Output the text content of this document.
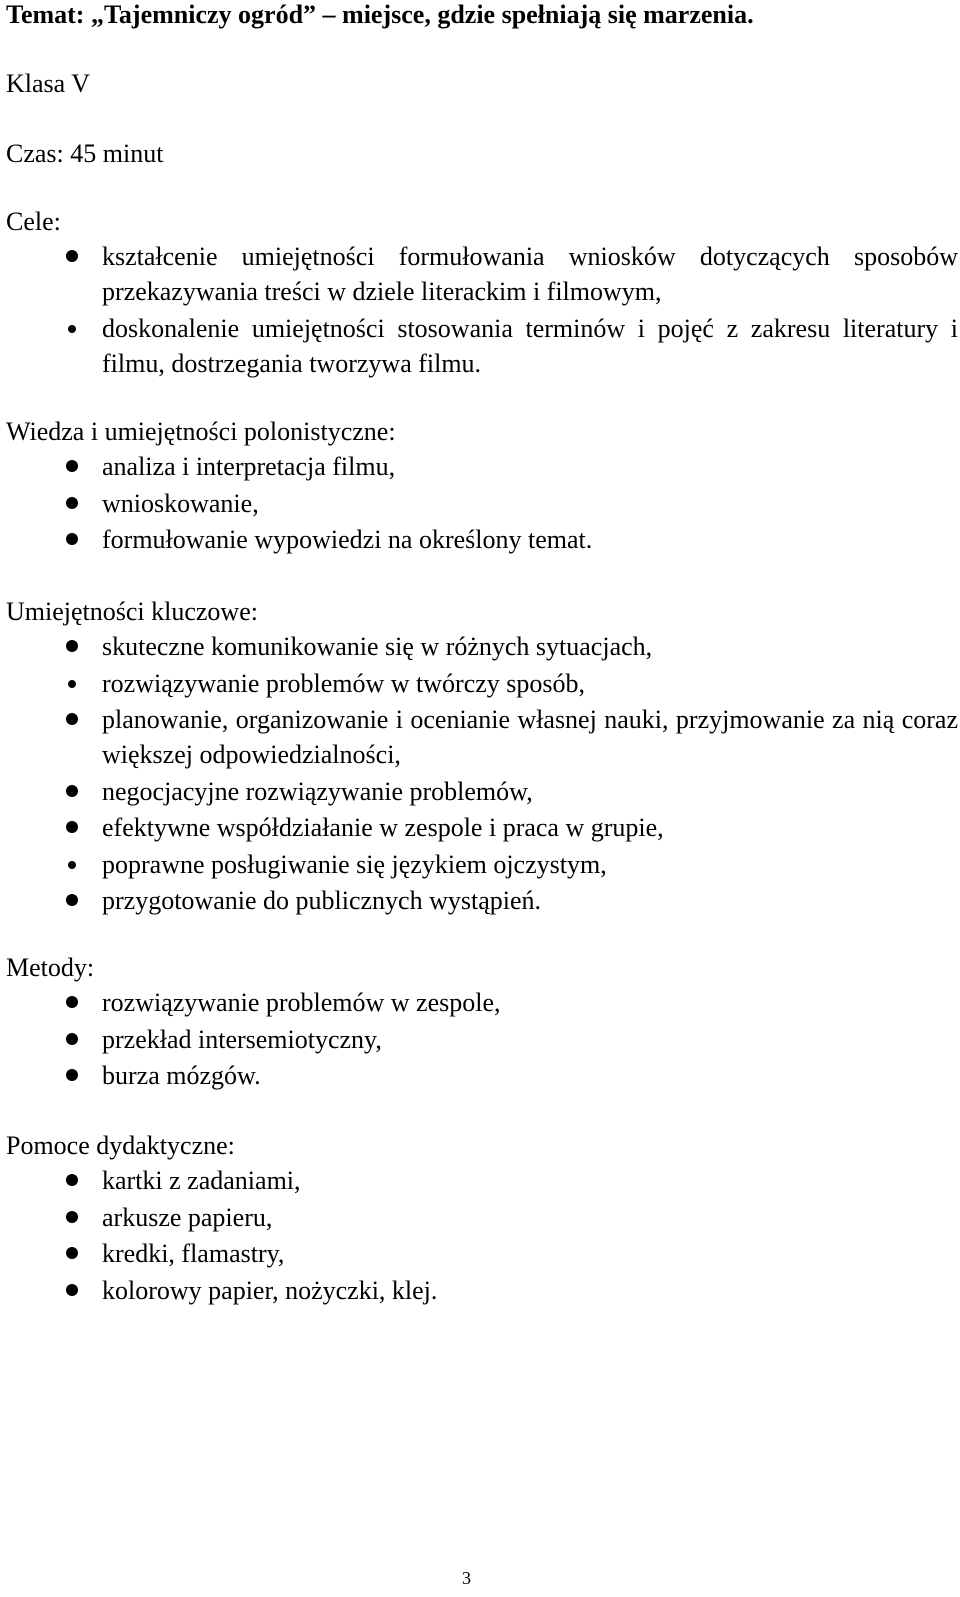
Temat: „Tajemniczy ogród” – miejsce, gdzie spełniają się marzenia.

Klasa V

Czas: 45 minut

Cele:

kształcenie umiejętności formułowania wniosków dotyczących sposobów przekazywania treści w dziele literackim i filmowym,
doskonalenie umiejętności stosowania terminów i pojęć z zakresu literatury i filmu, dostrzegania tworzywa filmu.

Wiedza i umiejętności polonistyczne:

analiza i interpretacja filmu,
wnioskowanie,
formułowanie wypowiedzi na określony temat.

Umiejętności kluczowe:

skuteczne komunikowanie się w różnych sytuacjach,
rozwiązywanie problemów w twórczy sposób,
planowanie, organizowanie i ocenianie własnej nauki, przyjmowanie za nią coraz większej odpowiedzialności,
negocjacyjne rozwiązywanie problemów,
efektywne współdziałanie w zespole i praca w grupie,
poprawne posługiwanie się językiem ojczystym,
przygotowanie do publicznych wystąpień.

Metody:

rozwiązywanie problemów w zespole,
przekład intersemiotyczny,
burza mózgów.

Pomoce dydaktyczne:

kartki z zadaniami,
arkusze papieru,
kredki, flamastry,
kolorowy papier, nożyczki, klej.
3
